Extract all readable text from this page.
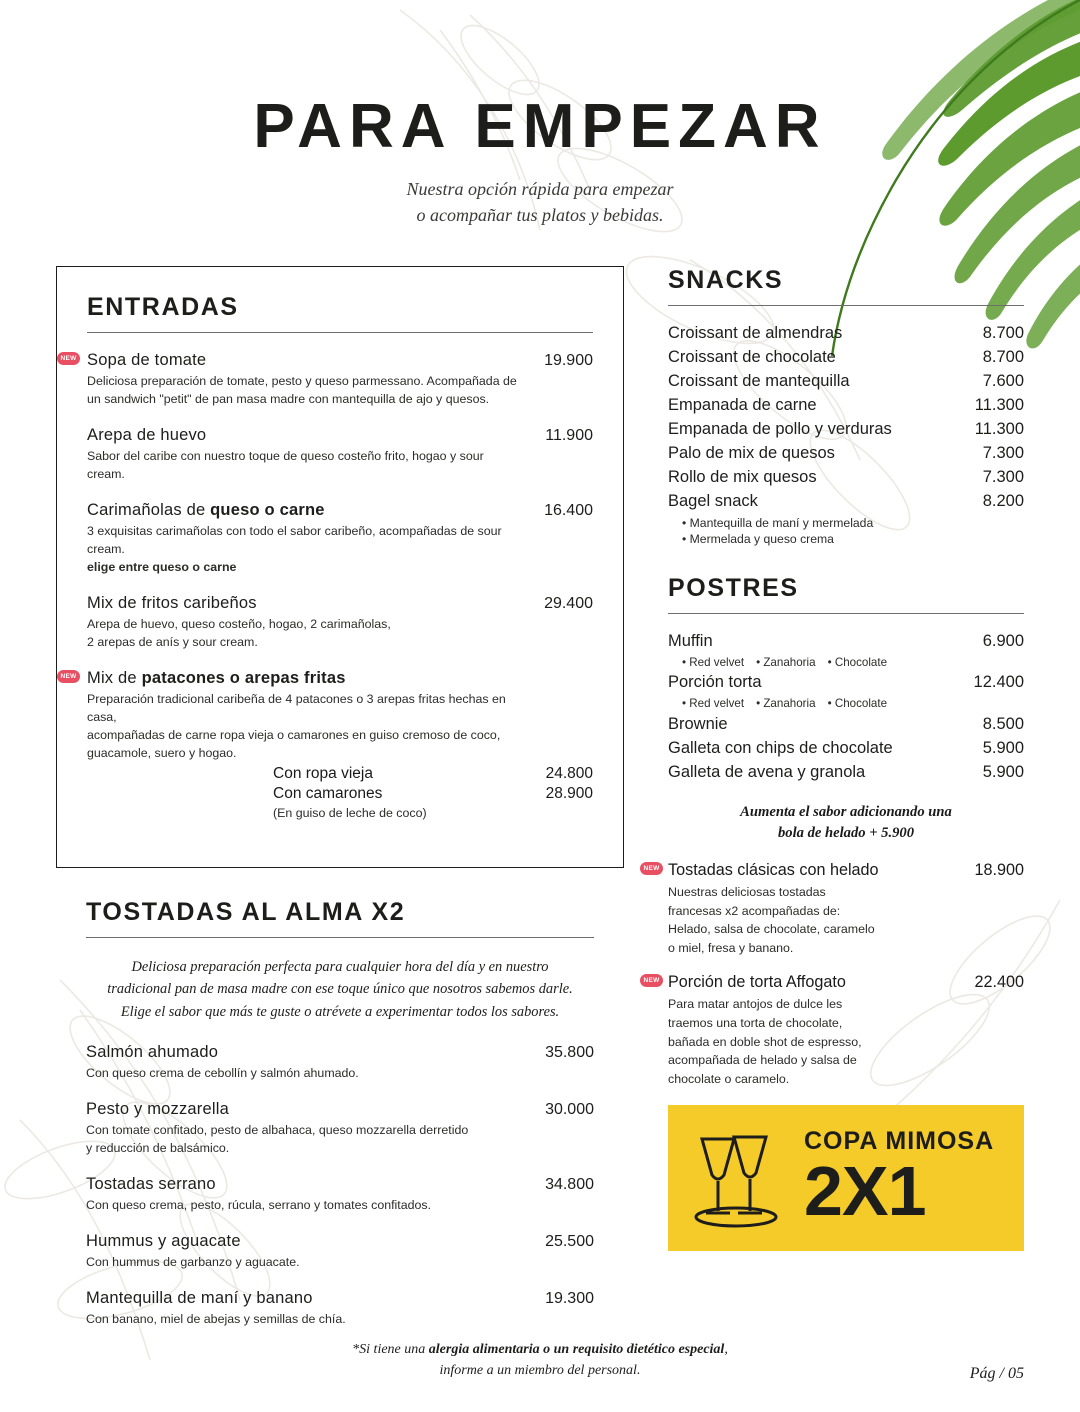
PARA EMPEZAR
Nuestra opción rápida para empezar
o acompañar tus platos y bebidas.
ENTRADAS
NEW Sopa de tomate	19.900
Deliciosa preparación de tomate, pesto y queso parmessano. Acompañada de
un sandwich "petit" de pan masa madre con mantequilla de ajo y quesos.
Arepa de huevo	11.900
Sabor del caribe con nuestro toque de queso costeño frito, hogao y sour cream.
Carimañolas de queso o carne	16.400
3 exquisitas carimañolas con todo el sabor caribeño, acompañadas de sour cream.
elige entre queso o carne
Mix de fritos caribeños	29.400
Arepa de huevo, queso costeño, hogao, 2 carimañolas,
2 arepas de anís y sour cream.
NEW Mix de patacones o arepas fritas
Preparación tradicional caribeña de 4 patacones o 3 arepas fritas hechas en casa,
acompañadas de carne ropa vieja o camarones en guiso cremoso de coco,
guacamole, suero y hogao.
Con ropa vieja	24.800
Con camarones	28.900
(En guiso de leche de coco)
TOSTADAS AL ALMA X2
Deliciosa preparación perfecta para cualquier hora del día y en nuestro
tradicional pan de masa madre con ese toque único que nosotros sabemos darle.
Elige el sabor que más te guste o atrévete a experimentar todos los sabores.
Salmón ahumado	35.800
Con queso crema de cebollín y salmón ahumado.
Pesto y mozzarella	30.000
Con tomate confitado, pesto de albahaca, queso mozzarella derretido
y reducción de balsámico.
Tostadas serrano	34.800
Con queso crema, pesto, rúcula, serrano y tomates confitados.
Hummus y aguacate	25.500
Con hummus de garbanzo y aguacate.
Mantequilla de maní y banano	19.300
Con banano, miel de abejas y semillas de chía.
SNACKS
Croissant de almendras	8.700
Croissant de chocolate	8.700
Croissant de mantequilla	7.600
Empanada de carne	11.300
Empanada de pollo y verduras	11.300
Palo de mix de quesos	7.300
Rollo de mix quesos	7.300
Bagel snack	8.200
• Mantequilla de maní y mermelada
• Mermelada y queso crema
POSTRES
Muffin	6.900
• Red velvet • Zanahoria • Chocolate
Porción torta	12.400
• Red velvet • Zanahoria • Chocolate
Brownie	8.500
Galleta con chips de chocolate	5.900
Galleta de avena y granola	5.900
Aumenta el sabor adicionando una
bola de helado + 5.900
NEW Tostadas clásicas con helado	18.900
Nuestras deliciosas tostadas
francesas x2 acompañadas de:
Helado, salsa de chocolate, caramelo
o miel, fresa y banano.
NEW Porción de torta Affogato	22.400
Para matar antojos de dulce les
traemos una torta de chocolate,
bañada en doble shot de espresso,
acompañada de helado y salsa de
chocolate o caramelo.
COPA MIMOSA
2X1
*Si tiene una alergia alimentaria o un requisito dietético especial,
informe a un miembro del personal.	Pág / 05
